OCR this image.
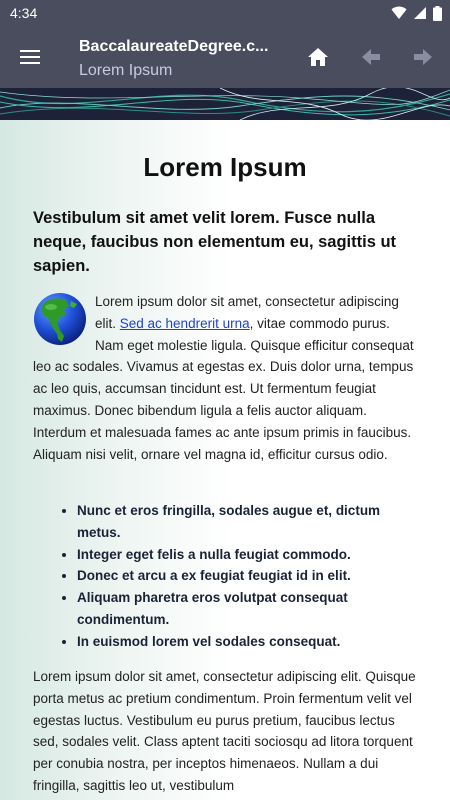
4:34
BaccalaureateDegree.c...
Lorem Ipsum
Lorem Ipsum

Vestibulum sit amet velit lorem. Fusce nulla neque, faucibus non elementum eu, sagittis ut sapien.

Lorem ipsum dolor sit amet, consectetur adipiscing elit. Sed ac hendrerit urna, vitae commodo purus. Nam eget molestie ligula. Quisque efficitur consequat leo ac sodales. Vivamus at egestas ex. Duis dolor urna, tempus ac leo quis, accumsan tincidunt est. Ut fermentum feugiat maximus. Donec bibendum ligula a felis auctor aliquam. Interdum et malesuada fames ac ante ipsum primis in faucibus. Aliquam nisi velit, ornare vel magna id, efficitur cursus odio.

• Nunc et eros fringilla, sodales augue et, dictum metus.
• Integer eget felis a nulla feugiat commodo.
• Donec et arcu a ex feugiat feugiat id in elit.
• Aliquam pharetra eros volutpat consequat condimentum.
• In euismod lorem vel sodales consequat.

Lorem ipsum dolor sit amet, consectetur adipiscing elit. Quisque porta metus ac pretium condimentum. Proin fermentum velit vel egestas luctus. Vestibulum eu purus pretium, faucibus lectus sed, sodales velit. Class aptent taciti sociosqu ad litora torquent per conubia nostra, per inceptos himenaeos. Nullam a dui fringilla, sagittis leo ut, vestibulum
